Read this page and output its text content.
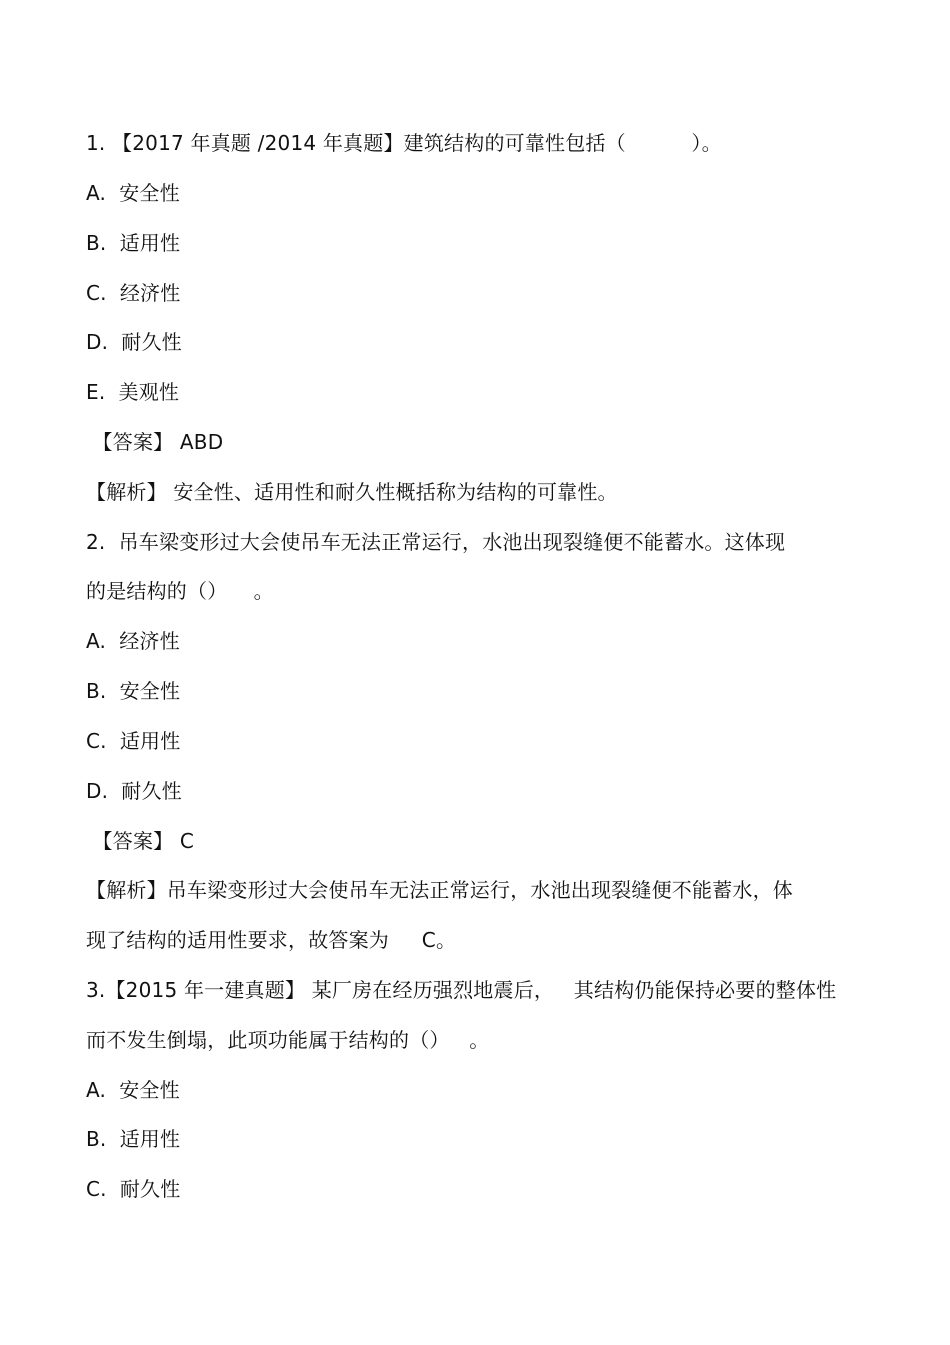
1. 【2017 年真题 /2014 年真题】建筑结构的可靠性包括（          ）。
A.  安全性
B.  适用性
C.  经济性
D.  耐久性
E.  美观性
【答案】 ABD
【解析】 安全性、适用性和耐久性概括称为结构的可靠性。
2.  吊车梁变形过大会使吊车无法正常运行，水池出现裂缝便不能蓄水。这体现
的是结构的（）    。
A.  经济性
B.  安全性
C.  适用性
D.  耐久性
【答案】 C
【解析】吊车梁变形过大会使吊车无法正常运行，水池出现裂缝便不能蓄水，体
现了结构的适用性要求，故答案为     C。
3.【2015 年一建真题】 某厂房在经历强烈地震后，   其结构仍能保持必要的整体性
而不发生倒塌，此项功能属于结构的（）   。
A.  安全性
B.  适用性
C.  耐久性
